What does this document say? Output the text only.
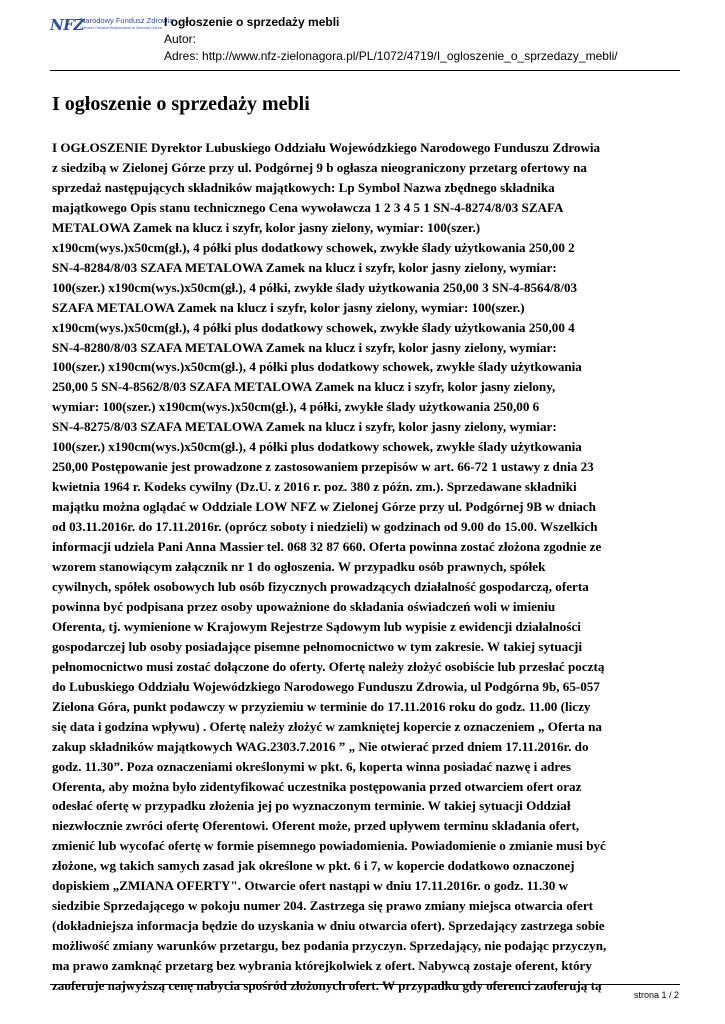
NFZ
Narodowy Fundusz Zdrowia
Lubuski Oddział Wojewódzki w Zielonej Górze I ogłoszenie o sprzedaży mebli
Autor:
Adres: http://www.nfz-zielonagora.pl/PL/1072/4719/I_ogloszenie_o_sprzedazy_mebli/
I ogłoszenie o sprzedaży mebli
I OGŁOSZENIE Dyrektor Lubuskiego Oddziału Wojewódzkiego Narodowego Funduszu Zdrowia
z siedzibą w Zielonej Górze przy ul. Podgórnej 9 b ogłasza nieograniczony przetarg ofertowy na
sprzedaż następujących składników majątkowych: Lp Symbol Nazwa zbędnego składnika
majątkowego Opis stanu technicznego Cena wywoławcza 1 2 3 4 5 1 SN-4-8274/8/03 SZAFA
METALOWA Zamek na klucz i szyfr, kolor jasny zielony, wymiar: 100(szer.)
x190cm(wys.)x50cm(gł.), 4 półki plus dodatkowy schowek, zwykłe ślady użytkowania 250,00 2
SN-4-8284/8/03 SZAFA METALOWA Zamek na klucz i szyfr, kolor jasny zielony, wymiar:
100(szer.) x190cm(wys.)x50cm(gł.), 4 półki, zwykłe ślady użytkowania 250,00 3 SN-4-8564/8/03
SZAFA METALOWA Zamek na klucz i szyfr, kolor jasny zielony, wymiar: 100(szer.)
x190cm(wys.)x50cm(gł.), 4 półki plus dodatkowy schowek, zwykłe ślady użytkowania 250,00 4
SN-4-8280/8/03 SZAFA METALOWA Zamek na klucz i szyfr, kolor jasny zielony, wymiar:
100(szer.) x190cm(wys.)x50cm(gł.), 4 półki plus dodatkowy schowek, zwykłe ślady użytkowania
250,00 5 SN-4-8562/8/03 SZAFA METALOWA Zamek na klucz i szyfr, kolor jasny zielony,
wymiar: 100(szer.) x190cm(wys.)x50cm(gł.), 4 półki, zwykłe ślady użytkowania 250,00 6
SN-4-8275/8/03 SZAFA METALOWA Zamek na klucz i szyfr, kolor jasny zielony, wymiar:
100(szer.) x190cm(wys.)x50cm(gł.), 4 półki plus dodatkowy schowek, zwykłe ślady użytkowania
250,00 Postępowanie jest prowadzone z zastosowaniem przepisów w art. 66-72 1 ustawy z dnia 23
kwietnia 1964 r. Kodeks cywilny (Dz.U. z 2016 r. poz. 380 z późn. zm.). Sprzedawane składniki
majątku można oglądać w Oddziale LOW NFZ w Zielonej Górze przy ul. Podgórnej 9B w dniach
od 03.11.2016r. do 17.11.2016r. (oprócz soboty i niedzieli) w godzinach od 9.00 do 15.00. Wszelkich
informacji udziela Pani Anna Massier tel. 068 32 87 660. Oferta powinna zostać złożona zgodnie ze
wzorem stanowiącym załącznik nr 1 do ogłoszenia. W przypadku osób prawnych, spółek
cywilnych, spółek osobowych lub osób fizycznych prowadzących działalność gospodarczą, oferta
powinna być podpisana przez osoby upoważnione do składania oświadczeń woli w imieniu
Oferenta, tj. wymienione w Krajowym Rejestrze Sądowym lub wypisie z ewidencji działalności
gospodarczej lub osoby posiadające pisemne pełnomocnictwo w tym zakresie. W takiej sytuacji
pełnomocnictwo musi zostać dołączone do oferty. Ofertę należy złożyć osobiście lub przesłać pocztą
do Lubuskiego Oddziału Wojewódzkiego Narodowego Funduszu Zdrowia, ul Podgórna 9b, 65-057
Zielona Góra, punkt podawczy w przyziemiu w terminie do 17.11.2016 roku do godz. 11.00 (liczy
się data i godzina wpływu) . Ofertę należy złożyć w zamkniętej kopercie z oznaczeniem „ Oferta na
zakup składników majątkowych WAG.2303.7.2016 ” „ Nie otwierać przed dniem 17.11.2016r. do
godz. 11.30”. Poza oznaczeniami określonymi w pkt. 6, koperta winna posiadać nazwę i adres
Oferenta, aby można było zidentyfikować uczestnika postępowania przed otwarciem ofert oraz
odesłać ofertę w przypadku złożenia jej po wyznaczonym terminie. W takiej sytuacji Oddział
niezwłocznie zwróci ofertę Oferentowi. Oferent może, przed upływem terminu składania ofert,
zmienić lub wycofać ofertę w formie pisemnego powiadomienia. Powiadomienie o zmianie musi być
złożone, wg takich samych zasad jak określone w pkt. 6 i 7, w kopercie dodatkowo oznaczonej
dopiskiem „ZMIANA OFERTY". Otwarcie ofert nastąpi w dniu 17.11.2016r. o godz. 11.30 w
siedzibie Sprzedającego w pokoju numer 204. Zastrzega się prawo zmiany miejsca otwarcia ofert
(dokładniejsza informacja będzie do uzyskania w dniu otwarcia ofert). Sprzedający zastrzega sobie
możliwość zmiany warunków przetargu, bez podania przyczyn. Sprzedający, nie podając przyczyn,
ma prawo zamknąć przetarg bez wybrania którejkolwiek z ofert. Nabywcą zostaje oferent, który
zaoferuje najwyższą cenę nabycia spośród złożonych ofert. W przypadku gdy oferenci zaoferują tą
strona 1 / 2
